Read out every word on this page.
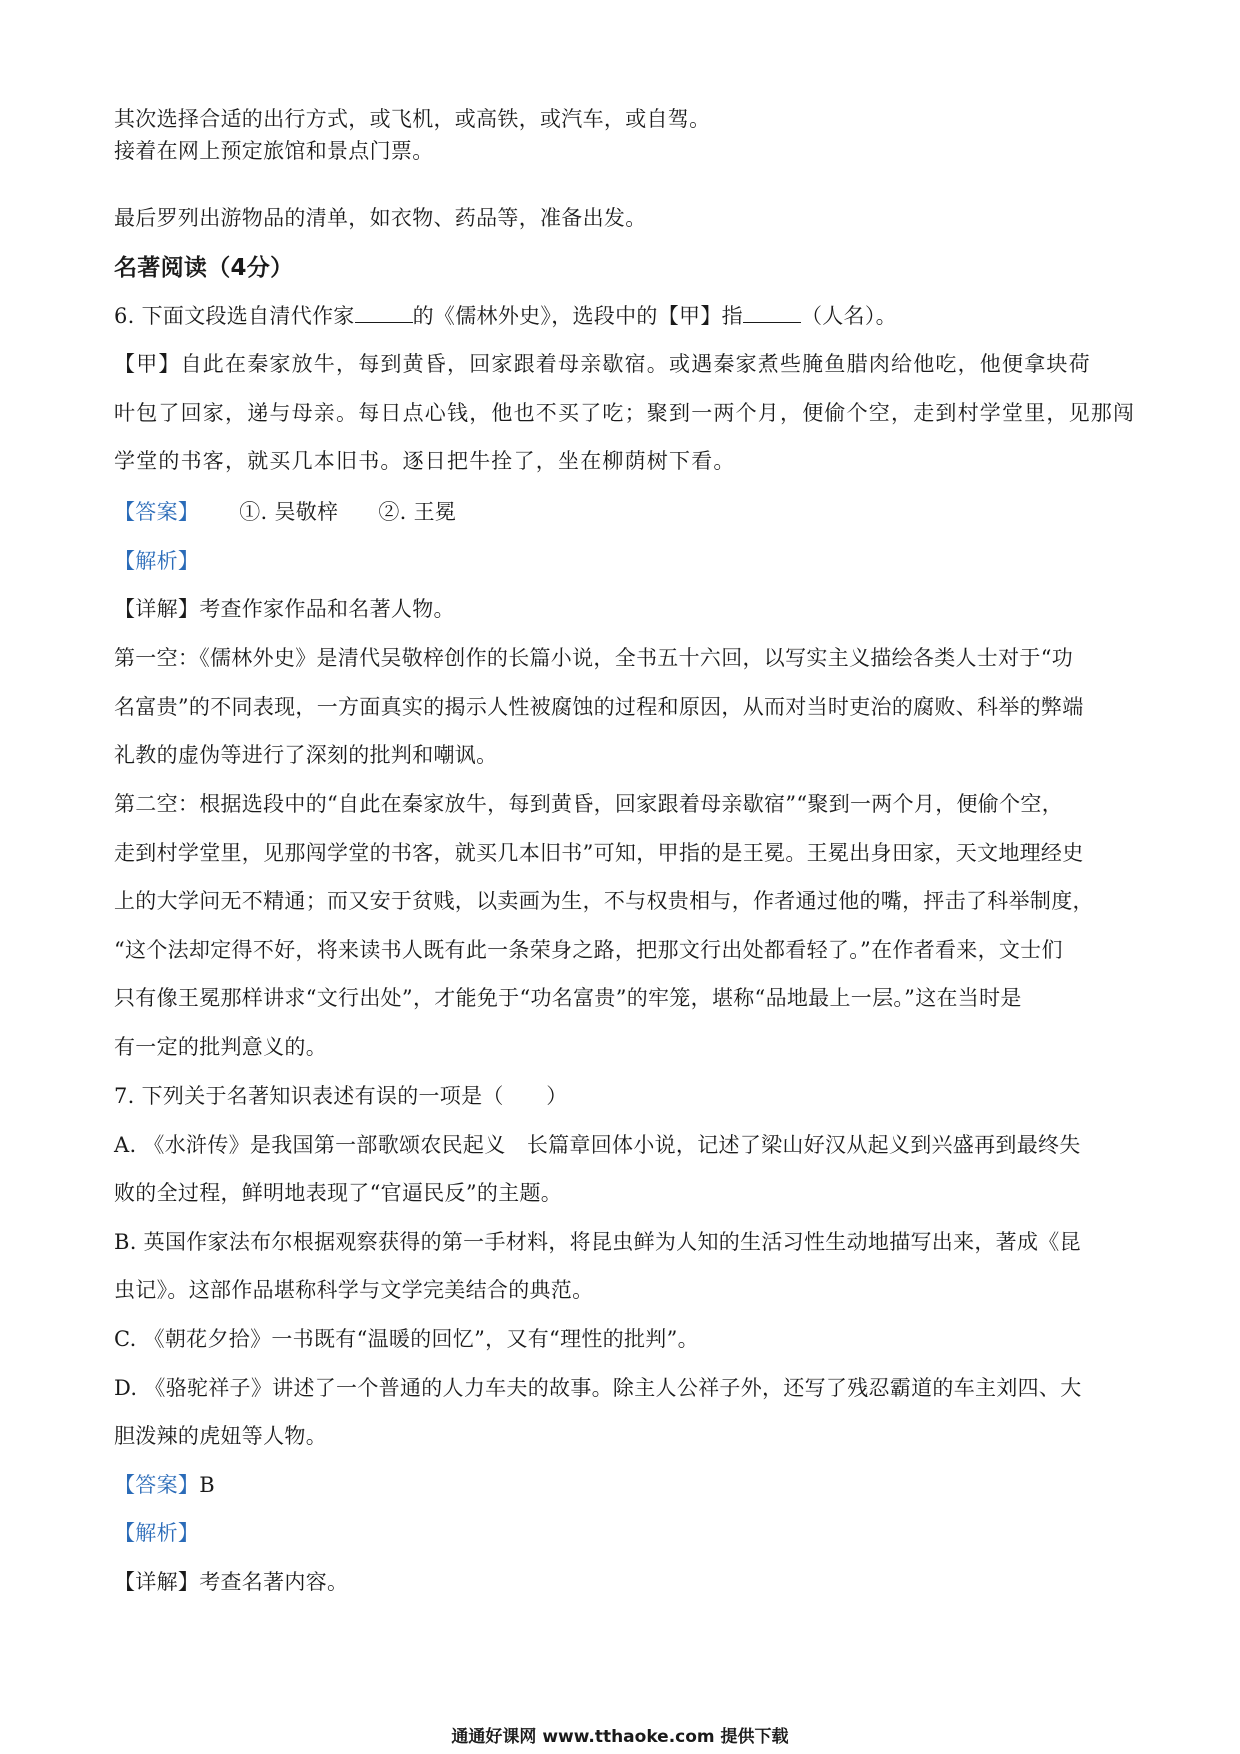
其次选择合适的出行方式，或飞机，或高铁，或汽车，或自驾。
接着在网上预定旅馆和景点门票。
最后罗列出游物品的清单，如衣物、药品等，准备出发。
名著阅读（4分）
6. 下面文段选自清代作家	的《儒林外史》，选段中的【甲】指	（人名）。
【甲】自此在秦家放牛，每到黄昏，回家跟着母亲歇宿。或遇秦家煮些腌鱼腊肉给他吃，他便拿块荷
叶包了回家，递与母亲。每日点心钱，他也不买了吃；聚到一两个月，便偷个空，走到村学堂里，见那闯
学堂的书客，就买几本旧书。逐日把牛拴了，坐在柳荫树下看。
【答案】 ①. 吴敬梓 ②. 王冕
【解析】
【详解】考查作家作品和名著人物。
第一空：《儒林外史》是清代吴敬梓创作的长篇小说，全书五十六回，以写实主义描绘各类人士对于“功
名富贵”的不同表现，一方面真实的揭示人性被腐蚀的过程和原因，从而对当时吏治的腐败、科举的弊端
礼教的虚伪等进行了深刻的批判和嘲讽。
第二空：根据选段中的“自此在秦家放牛，每到黄昏，回家跟着母亲歇宿”“聚到一两个月，便偷个空，
走到村学堂里，见那闯学堂的书客，就买几本旧书”可知，甲指的是王冕。王冕出身田家，天文地理经史
上的大学问无不精通；而又安于贫贱，以卖画为生，不与权贵相与，作者通过他的嘴，抨击了科举制度，
“这个法却定得不好，将来读书人既有此一条荣身之路，把那文行出处都看轻了。”在作者看来，文士们
只有像王冕那样讲求“文行出处”，才能免于“功名富贵”的牢笼，堪称“品地最上一层。”这在当时是
有一定的批判意义的。
7. 下列关于名著知识表述有误的一项是（　　）
A. 《水浒传》是我国第一部歌颂农民起义　长篇章回体小说，记述了梁山好汉从起义到兴盛再到最终失
败的全过程，鲜明地表现了“官逼民反”的主题。
B. 英国作家法布尔根据观察获得的第一手材料，将昆虫鲜为人知的生活习性生动地描写出来，著成《昆
虫记》。这部作品堪称科学与文学完美结合的典范。
C. 《朝花夕拾》一书既有“温暖的回忆”，又有“理性的批判”。
D. 《骆驼祥子》讲述了一个普通的人力车夫的故事。除主人公祥子外，还写了残忍霸道的车主刘四、大
胆泼辣的虎妞等人物。
【答案】B
【解析】
【详解】考查名著内容。
通通好课网 www.tthaoke.com 提供下载
